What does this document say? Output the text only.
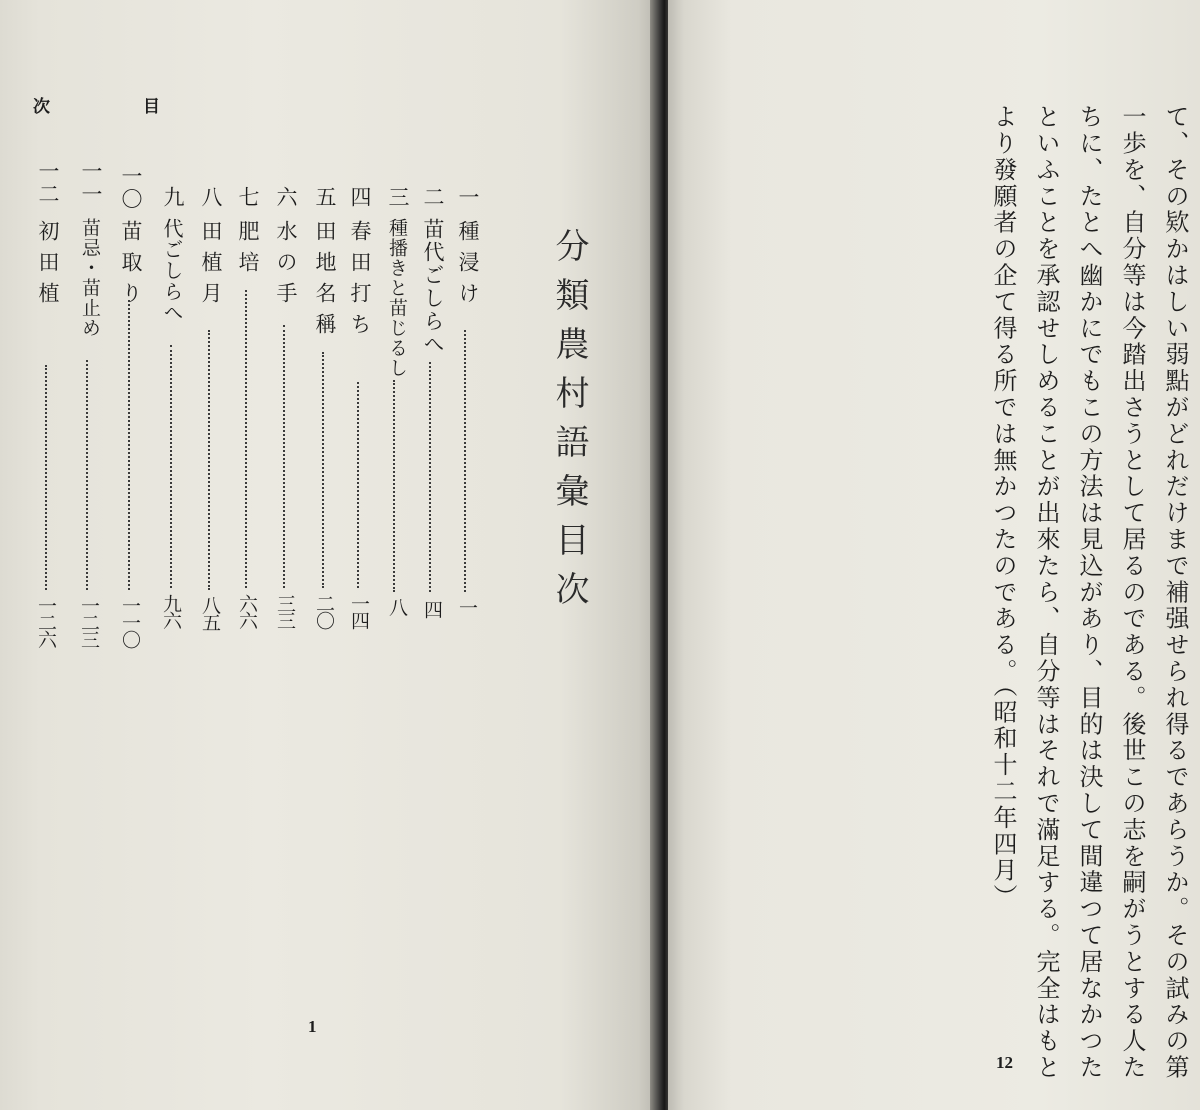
次	目
分類農村語彙目次
一
種浸け
一
二
苗代ごしらへ
四
三
種播きと苗じるし
八
四
春田打ち
一四
五
田地名稱
二〇
六
水の手
三三
七
肥培
六六
八
田植月
八五
九
代ごしらへ
九六
一〇
苗取り
一一〇
一一
苗忌・苗止め
一二三
一二
初田植
一二六
1	て、その欵かはしい弱點がどれだけまで補强せられ得るであらうか。その試みの第
一歩を、自分等は今踏出さうとして居るのである。後世この志を嗣がうとする人た
ちに、たとへ幽かにでもこの方法は見込があり、目的は決して間違つて居なかつた
といふことを承認せしめることが出來たら、自分等はそれで滿足する。完全はもと
より發願者の企て得る所では無かつたのである。（昭和十二年四月）
12
